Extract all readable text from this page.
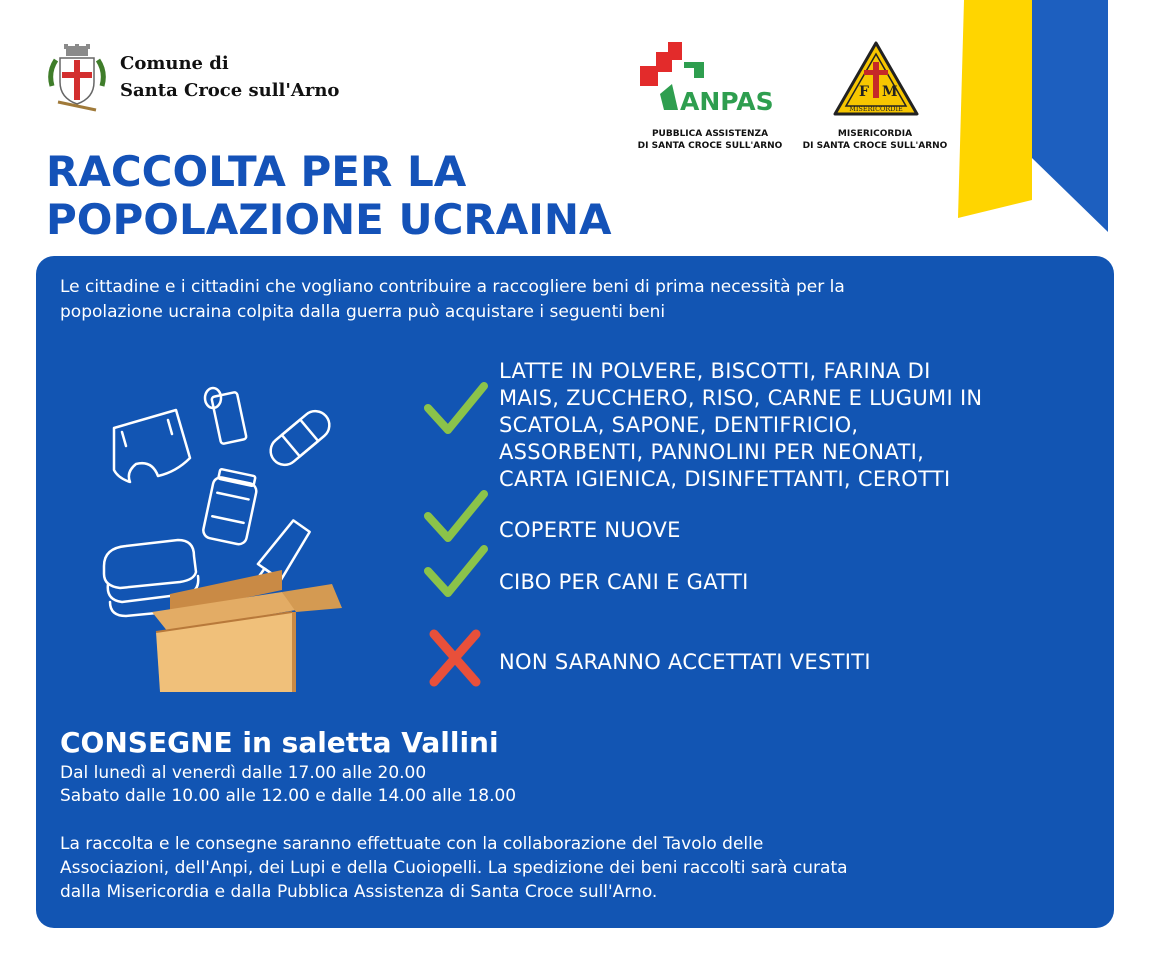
Comune di
Santa Croce sull'Arno	ANPAS
PUBBLICA ASSISTENZA
DI SANTA CROCE SULL'ARNO
F M
MISERICORDIE
MISERICORDIA
DI SANTA CROCE SULL'ARNO
RACCOLTA PER LA
POPOLAZIONE UCRAINA
Le cittadine e i cittadini che vogliano contribuire a raccogliere beni di prima necessità per la
popolazione ucraina colpita dalla guerra può acquistare i seguenti beni
LATTE IN POLVERE, BISCOTTI, FARINA DI
MAIS, ZUCCHERO, RISO, CARNE E LUGUMI IN
SCATOLA, SAPONE, DENTIFRICIO,
ASSORBENTI, PANNOLINI PER NEONATI,
CARTA IGIENICA, DISINFETTANTI, CEROTTI
COPERTE NUOVE
CIBO PER CANI E GATTI
NON SARANNO ACCETTATI VESTITI
CONSEGNE in saletta Vallini
Dal lunedì al venerdì dalle 17.00 alle 20.00
Sabato dalle 10.00 alle 12.00 e dalle 14.00 alle 18.00
La raccolta e le consegne saranno effettuate con la collaborazione del Tavolo delle
Associazioni, dell'Anpi, dei Lupi e della Cuoiopelli. La spedizione dei beni raccolti sarà curata
dalla Misericordia e dalla Pubblica Assistenza di Santa Croce sull'Arno.
